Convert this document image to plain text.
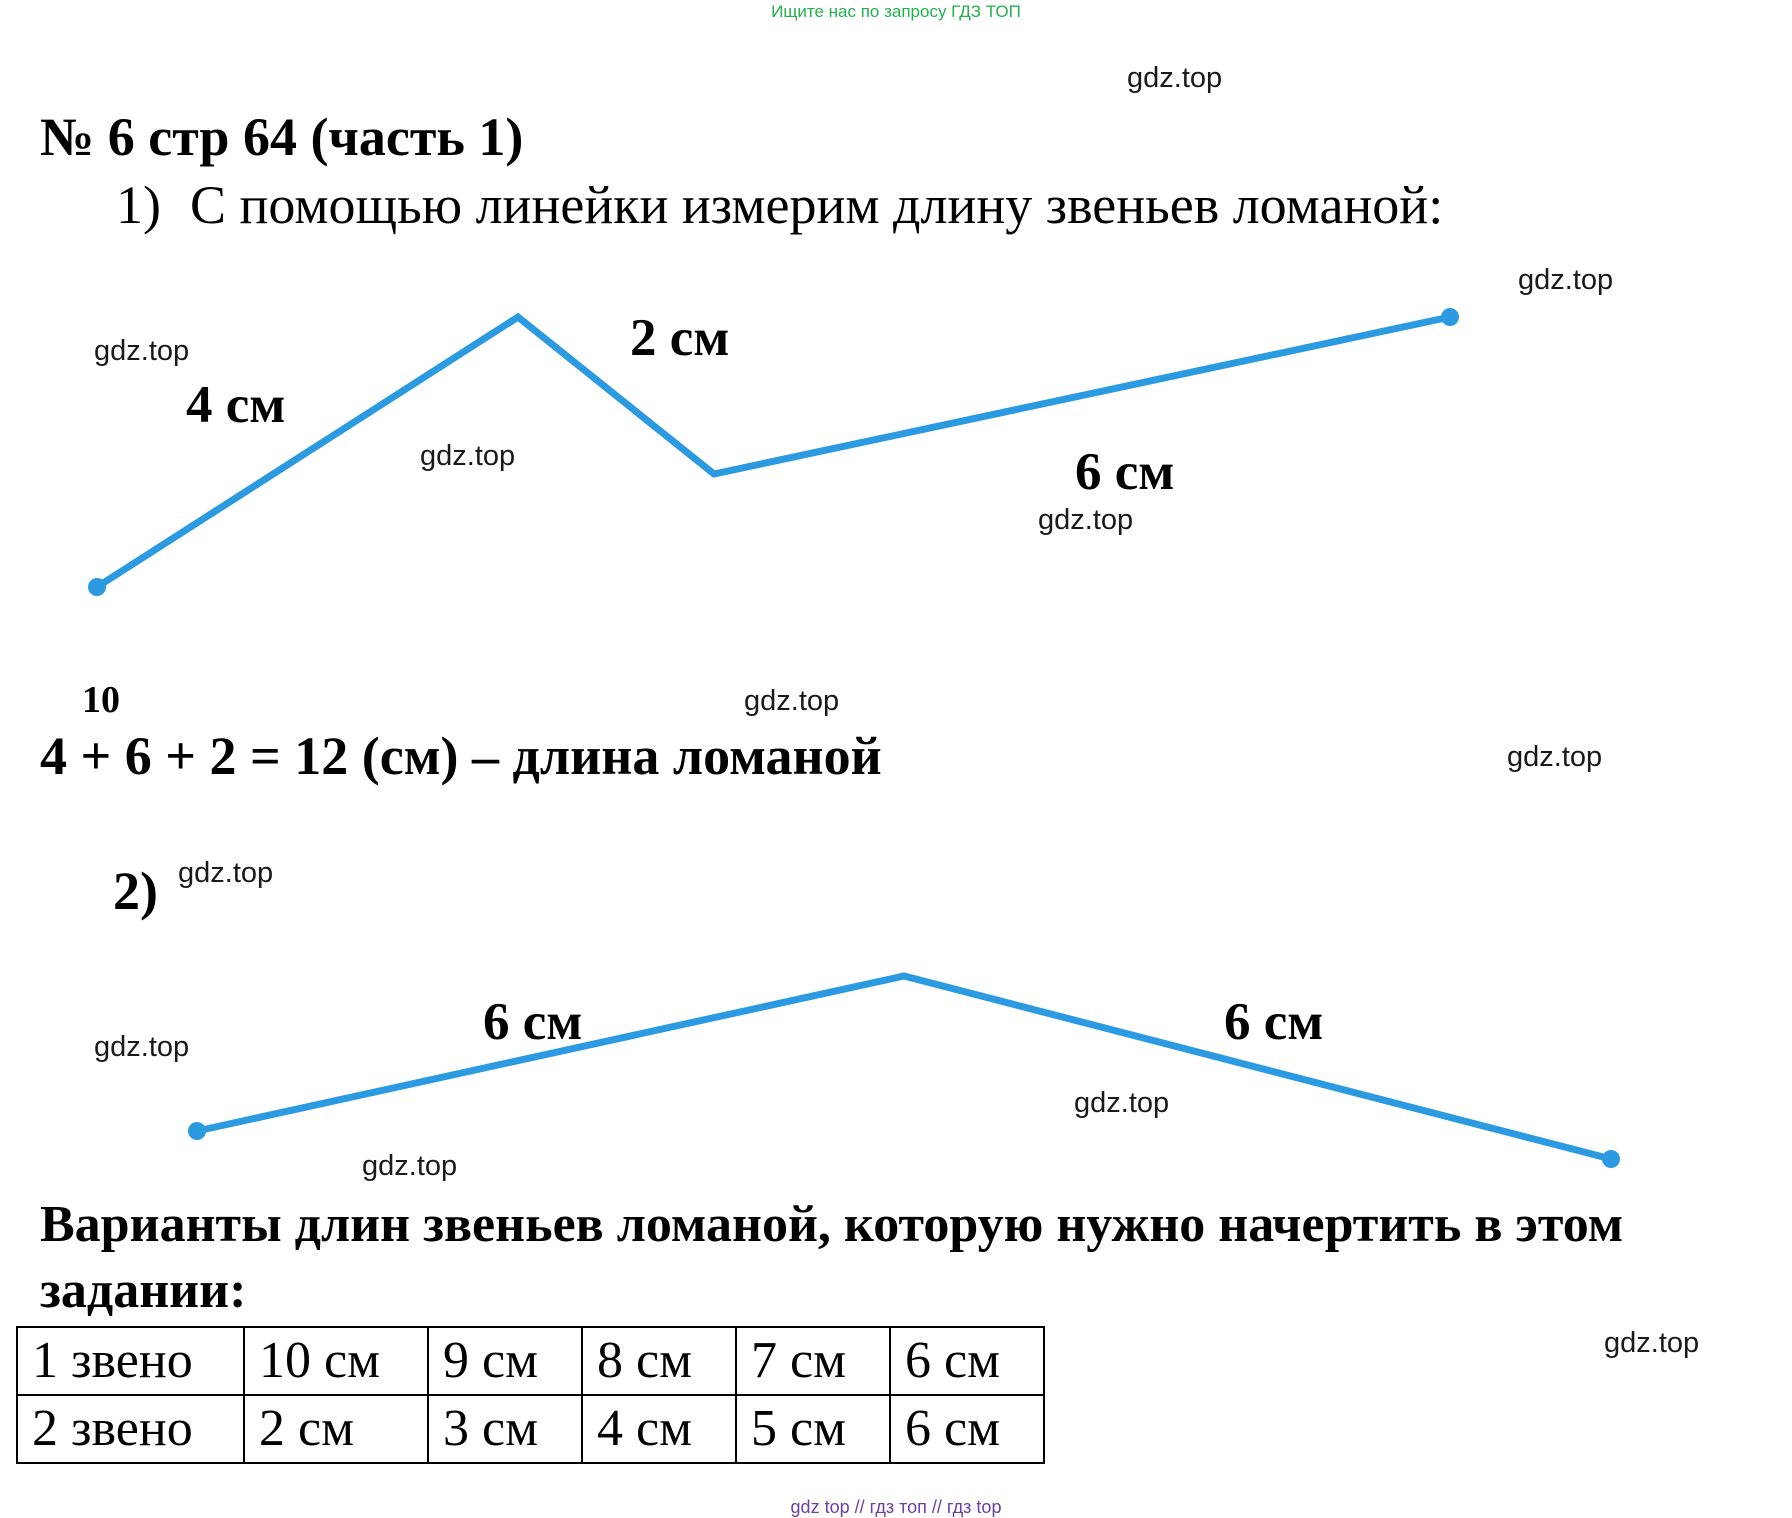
Ищите нас по запросу ГДЗ ТОП
gdz.top
gdz.top
gdz.top
gdz.top
gdz.top
gdz.top
gdz.top
gdz.top
gdz.top
gdz.top
gdz.top
gdz.top
№ 6 стр 64 (часть 1)
1) С помощью линейки измерим длину звеньев ломаной:
4 см
2 см
6 см
10
4 + 6 + 2 = 12 (см) – длина ломаной
2)
6 см	6 см
Варианты длин звеньев ломаной, которую нужно начертить в этом задании:
1 звено	10 см	9 см	8 см	7 см	6 см
2 звено	2 см	3 см	4 см	5 см	6 см
gdz top // гдз топ // гдз top
